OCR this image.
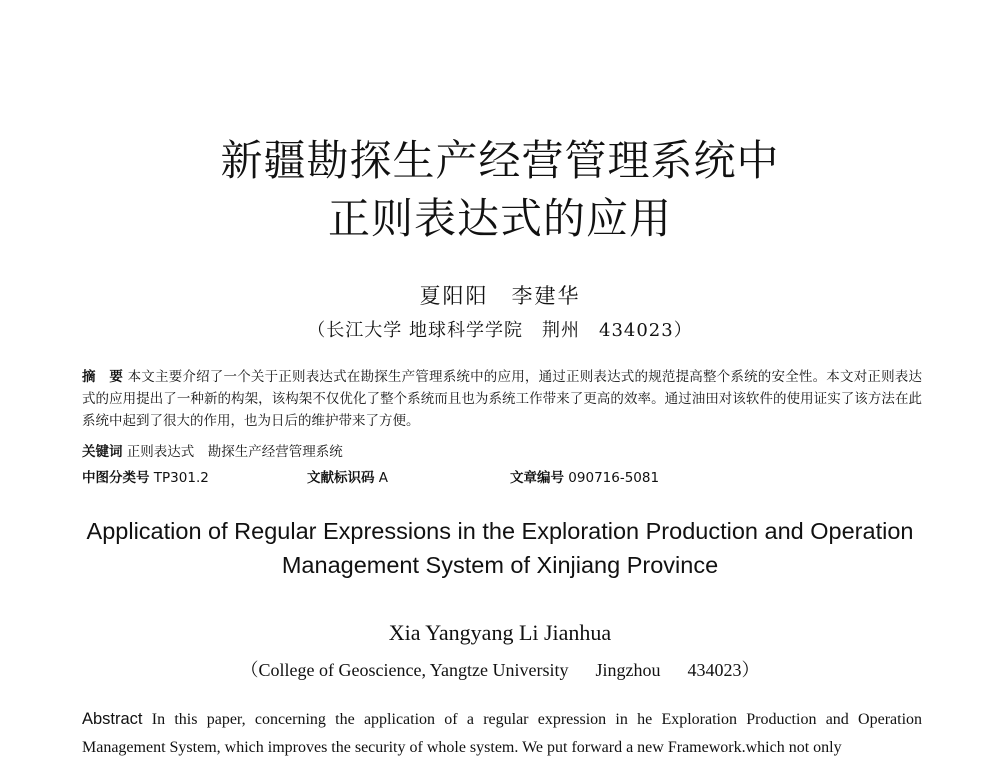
新疆勘探生产经营管理系统中
正则表达式的应用
夏阳阳　李建华
（长江大学 地球科学学院　荆州　434023）
摘　要 本文主要介绍了一个关于正则表达式在勘探生产管理系统中的应用，通过正则表达式的规范提高整个系统的安全性。本文对正则表达式的应用提出了一种新的构架，该构架不仅优化了整个系统而且也为系统工作带来了更高的效率。通过油田对该软件的使用证实了该方法在此系统中起到了很大的作用，也为日后的维护带来了方便。
关键词 正则表达式　勘探生产经营管理系统
中图分类号 TP301.2	文献标识码 A	文章编号 090716-5081
Application of Regular Expressions in the Exploration Production and Operation
Management System of Xinjiang Province
Xia Yangyang Li Jianhua
（College of Geoscience, Yangtze University      Jingzhou      434023）
Abstract In this paper, concerning the application of a regular expression in he Exploration Production and Operation Management System, which improves the security of whole system. We put forward a new Framework.which not only
